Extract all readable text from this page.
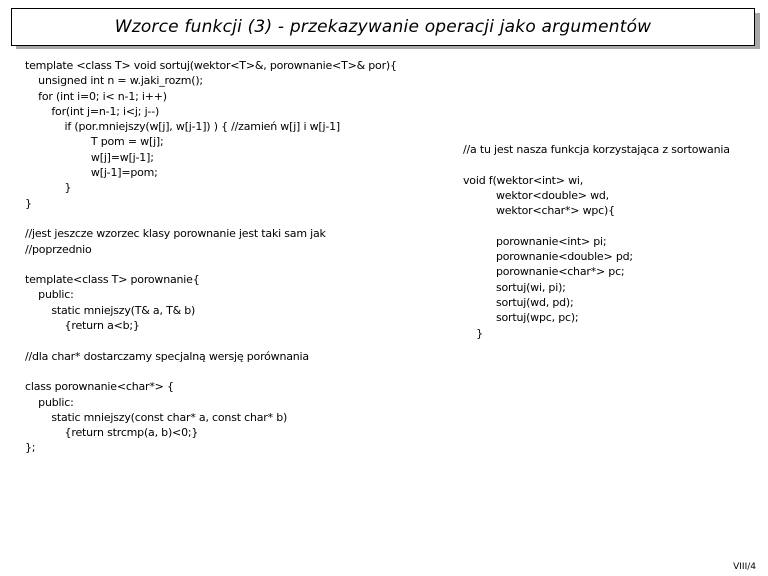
Wzorce funkcji (3) - przekazywanie operacji jako argumentów
template <class T> void sortuj(wektor<T>&, porownanie<T>& por){
unsigned int n = w.jaki_rozm();
for (int i=0; i< n-1; i++)
for(int j=n-1; i<j; j--)
if (por.mniejszy(w[j], w[j-1]) ) { //zamień w[j] i w[j-1]
T pom = w[j];
w[j]=w[j-1];
w[j-1]=pom;
}
}

//jest jeszcze wzorzec klasy porownanie jest taki sam jak
//poprzednio

template<class T> porownanie{
public:
static mniejszy(T& a, T& b)
{return a<b;}

//dla char* dostarczamy specjalną wersję porównania

class porownanie<char*> {
public:
static mniejszy(const char* a, const char* b)
{return strcmp(a, b)<0;}
};
//a tu jest nasza funkcja korzystająca z sortowania

void f(wektor<int> wi,
wektor<double> wd,
wektor<char*> wpc){

porownanie<int> pi;
porownanie<double> pd;
porownanie<char*> pc;
sortuj(wi, pi);
sortuj(wd, pd);
sortuj(wpc, pc);
}
VIII/4
